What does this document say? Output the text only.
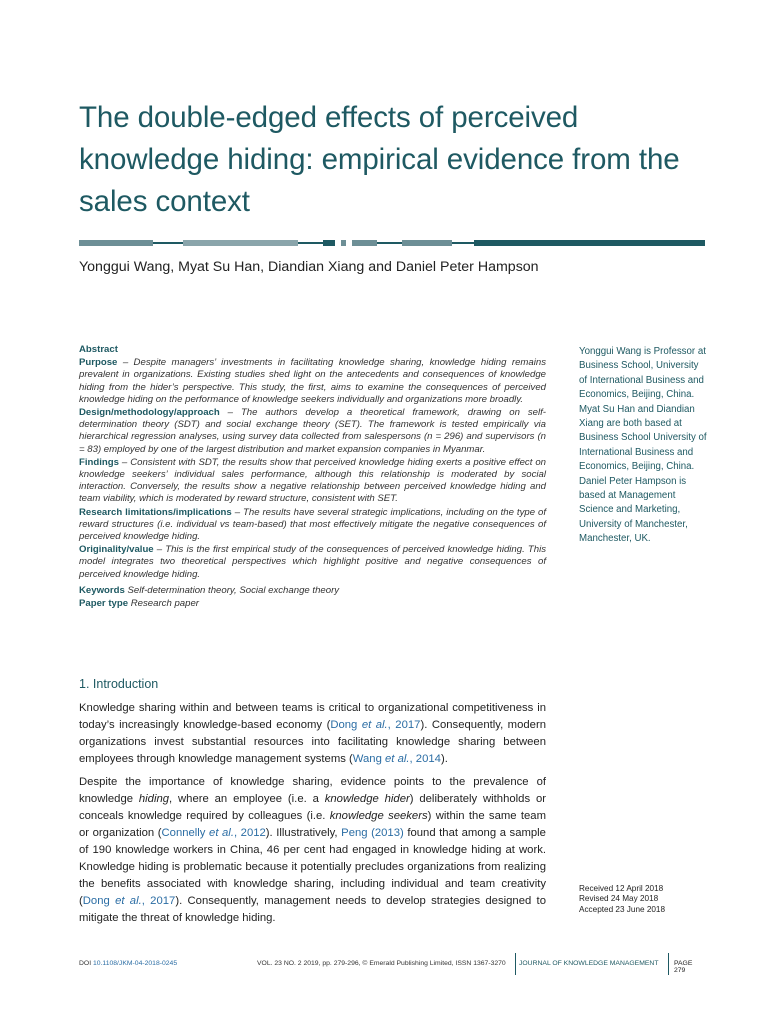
The double-edged effects of perceived knowledge hiding: empirical evidence from the sales context
Yonggui Wang, Myat Su Han, Diandian Xiang and Daniel Peter Hampson

Abstract

Purpose – Despite managers’ investments in facilitating knowledge sharing, knowledge hiding remains prevalent in organizations. Existing studies shed light on the antecedents and consequences of knowledge hiding from the hider’s perspective. This study, the first, aims to examine the consequences of perceived knowledge hiding on the performance of knowledge seekers individually and organizations more broadly.

Design/methodology/approach – The authors develop a theoretical framework, drawing on self-determination theory (SDT) and social exchange theory (SET). The framework is tested empirically via hierarchical regression analyses, using survey data collected from salespersons (n = 296) and supervisors (n = 83) employed by one of the largest distribution and market expansion companies in Myanmar.

Findings – Consistent with SDT, the results show that perceived knowledge hiding exerts a positive effect on knowledge seekers’ individual sales performance, although this relationship is moderated by social interaction. Conversely, the results show a negative relationship between perceived knowledge hiding and team viability, which is moderated by reward structure, consistent with SET.

Research limitations/implications – The results have several strategic implications, including on the type of reward structures (i.e. individual vs team-based) that most effectively mitigate the negative consequences of perceived knowledge hiding.

Originality/value – This is the first empirical study of the consequences of perceived knowledge hiding. This model integrates two theoretical perspectives which highlight positive and negative consequences of perceived knowledge hiding.

Keywords Self-determination theory, Social exchange theory

Paper type Research paper

Yonggui Wang is Professor at Business School, University of International Business and Economics, Beijing, China. Myat Su Han and Diandian Xiang are both based at Business School University of International Business and Economics, Beijing, China. Daniel Peter Hampson is based at Management Science and Marketing, University of Manchester, Manchester, UK.
1. Introduction

Knowledge sharing within and between teams is critical to organizational competitiveness in today’s increasingly knowledge-based economy (Dong et al., 2017). Consequently, modern organizations invest substantial resources into facilitating knowledge sharing between employees through knowledge management systems (Wang et al., 2014).

Despite the importance of knowledge sharing, evidence points to the prevalence of knowledge hiding, where an employee (i.e. a knowledge hider) deliberately withholds or conceals knowledge required by colleagues (i.e. knowledge seekers) within the same team or organization (Connelly et al., 2012). Illustratively, Peng (2013) found that among a sample of 190 knowledge workers in China, 46 per cent had engaged in knowledge hiding at work. Knowledge hiding is problematic because it potentially precludes organizations from realizing the benefits associated with knowledge sharing, including individual and team creativity (Dong et al., 2017). Consequently, management needs to develop strategies designed to mitigate the threat of knowledge hiding.

Received 12 April 2018
Revised 24 May 2018
Accepted 23 June 2018
DOI 10.1108/JKM-04-2018-0245	VOL. 23 NO. 2 2019, pp. 279-296, © Emerald Publishing Limited, ISSN 1367-3270 JOURNAL OF KNOWLEDGE MANAGEMENT PAGE 279
